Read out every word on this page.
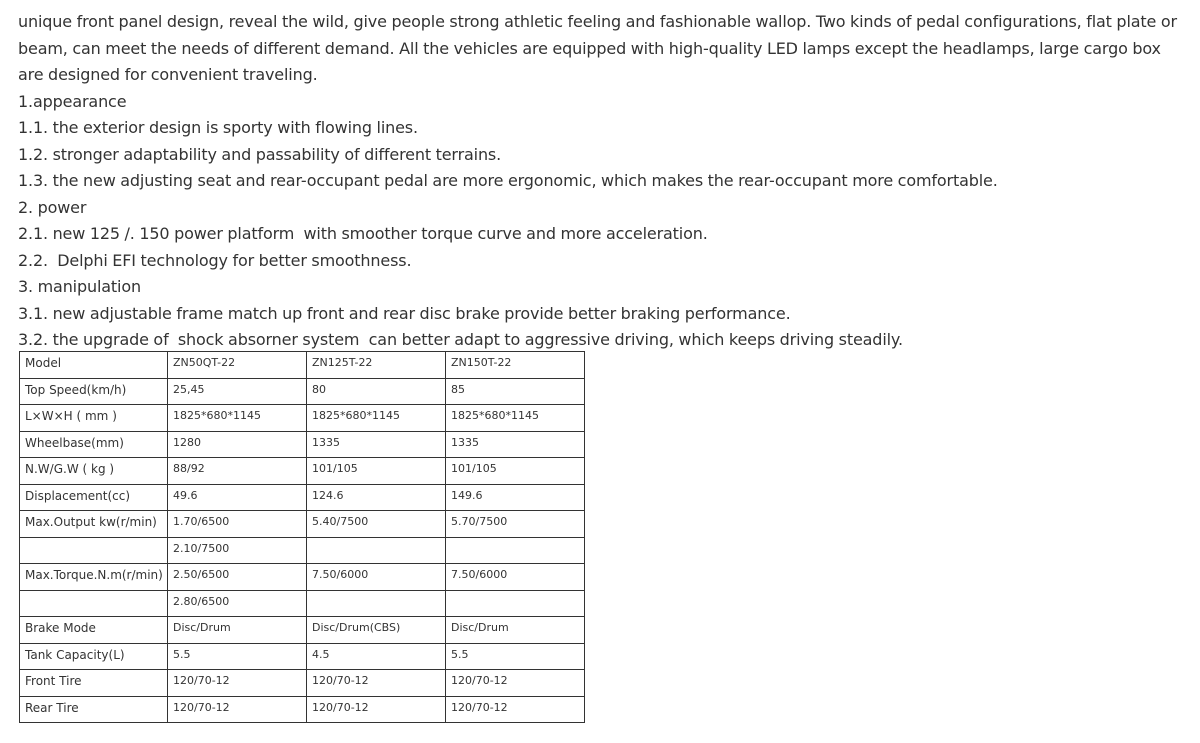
unique front panel design, reveal the wild, give people strong athletic feeling and fashionable wallop. Two kinds of pedal configurations, flat plate or beam, can meet the needs of different demand. All the vehicles are equipped with high-quality LED lamps except the headlamps, large cargo box are designed for convenient traveling.

1.appearance
1.1. the exterior design is sporty with flowing lines.
1.2. stronger adaptability and passability of different terrains.
1.3. the new adjusting seat and rear-occupant pedal are more ergonomic, which makes the rear-occupant more comfortable.
2. power
2.1. new 125 /. 150 power platform  with smoother torque curve and more acceleration.
2.2.  Delphi EFI technology for better smoothness.
3. manipulation
3.1. new adjustable frame match up front and rear disc brake provide better braking performance.
3.2. the upgrade of  shock absorner system  can better adapt to aggressive driving, which keeps driving steadily.
Model	ZN50QT-22	ZN125T-22	ZN150T-22
Top Speed(km/h)	25,45	80	85
L×W×H ( mm )	1825*680*1145	1825*680*1145	1825*680*1145
Wheelbase(mm)	1280	1335	1335
N.W/G.W ( kg )	88/92	101/105	101/105
Displacement(cc)	49.6	124.6	149.6
Max.Output kw(r/min)	1.70/6500	5.40/7500	5.70/7500
	2.10/7500		
Max.Torque.N.m(r/min)	2.50/6500	7.50/6000	7.50/6000
	2.80/6500		
Brake Mode	Disc/Drum	Disc/Drum(CBS)	Disc/Drum
Tank Capacity(L)	5.5	4.5	5.5
Front Tire	120/70-12	120/70-12	120/70-12
Rear Tire	120/70-12	120/70-12	120/70-12
